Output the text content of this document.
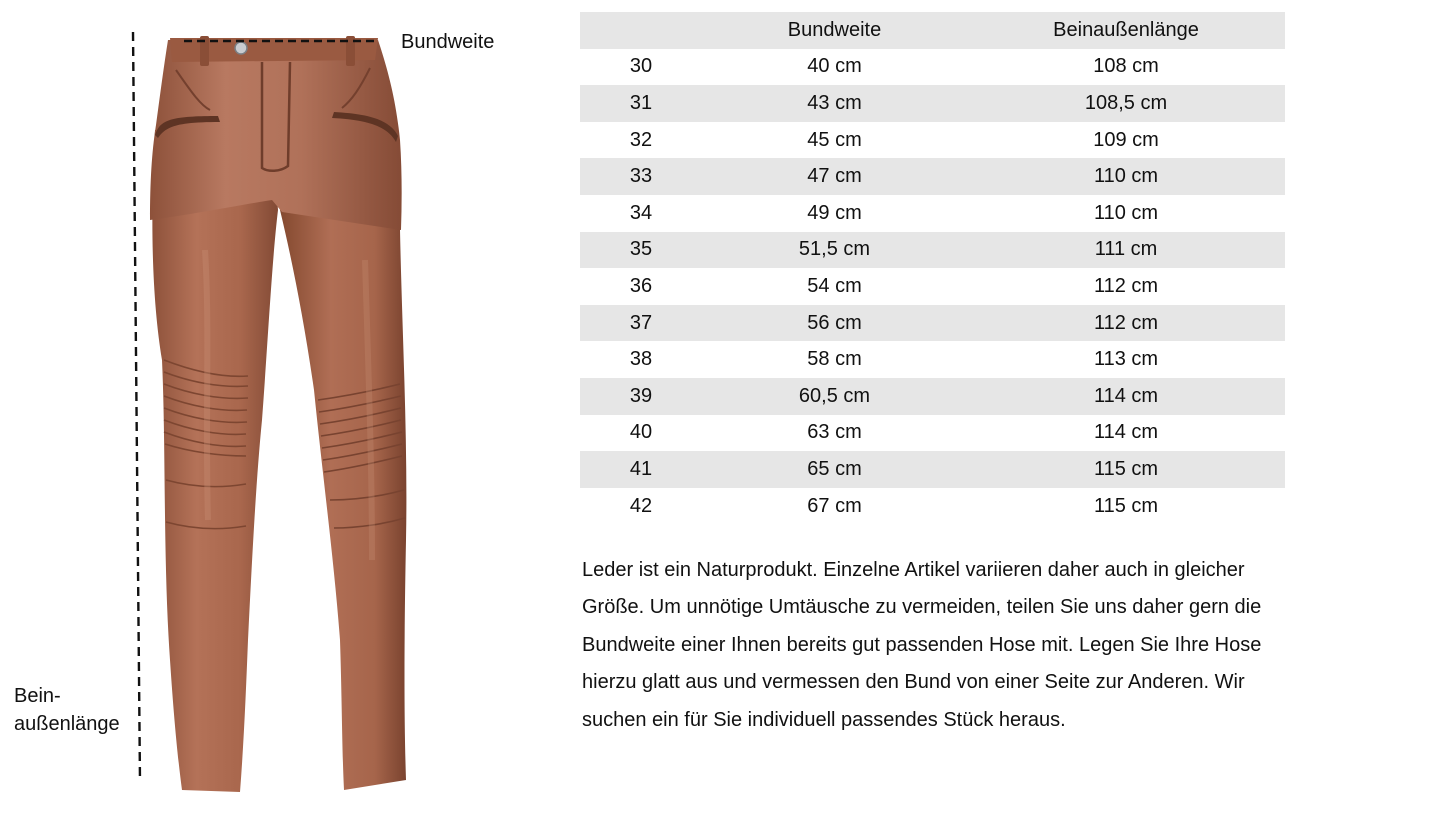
Bundweite
Bein-
außenlänge
	Bundweite	Beinaußenlänge
30	40 cm	108 cm
31	43 cm	108,5 cm
32	45 cm	109 cm
33	47 cm	110 cm
34	49 cm	110 cm
35	51,5 cm	111 cm
36	54 cm	112 cm
37	56 cm	112 cm
38	58 cm	113 cm
39	60,5 cm	114 cm
40	63 cm	114 cm
41	65 cm	115 cm
42	67 cm	115 cm

Leder ist ein Naturprodukt. Einzelne Artikel variieren daher auch in gleicher Größe. Um unnötige Umtäusche zu vermeiden, teilen Sie uns daher gern die Bundweite einer Ihnen bereits gut passenden Hose mit. Legen Sie Ihre Hose hierzu glatt aus und vermessen den Bund von einer Seite zur Anderen. Wir suchen ein für Sie individuell passendes Stück heraus.
